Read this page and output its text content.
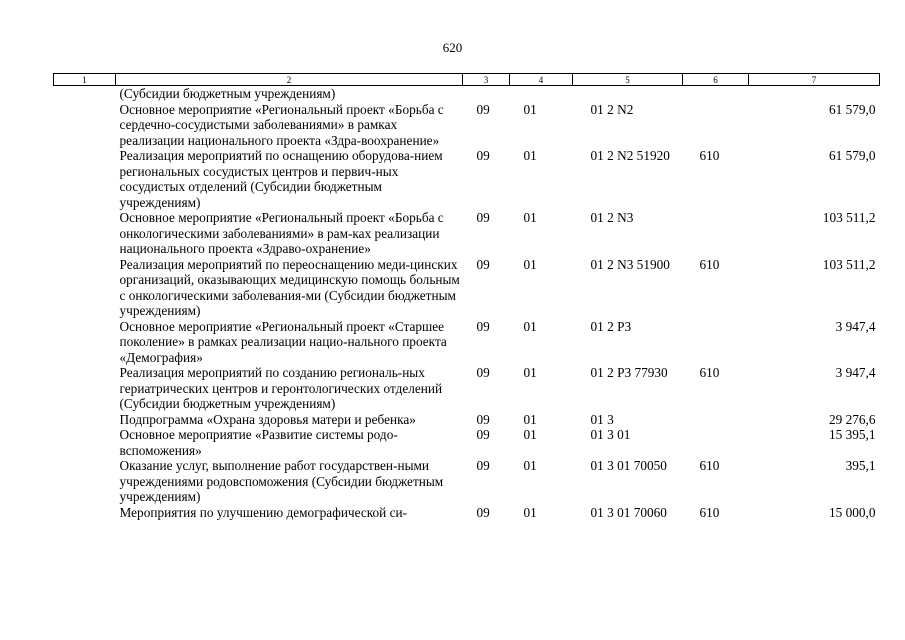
620
1	2	3	4	5	6	7
	(Субсидии бюджетным учреждениям)					
	Основное мероприятие «Региональный проект «Борьба с сердечно-сосудистыми заболеваниями» в рамках реализации национального проекта «Здра-воохранение»	09	01	01 2 N2		61 579,0
	Реализация мероприятий по оснащению оборудова-нием региональных сосудистых центров и первич-ных сосудистых отделений (Субсидии бюджетным учреждениям)	09	01	01 2 N2 51920	610	61 579,0
	Основное мероприятие «Региональный проект «Борьба с онкологическими заболеваниями» в рам-ках реализации национального проекта «Здраво-охранение»	09	01	01 2 N3		103 511,2
	Реализация мероприятий по переоснащению меди-цинских организаций, оказывающих медицинскую помощь больным с онкологическими заболевания-ми (Субсидии бюджетным учреждениям)	09	01	01 2 N3 51900	610	103 511,2
	Основное мероприятие «Региональный проект «Старшее поколение» в рамках реализации нацио-нального проекта «Демография»	09	01	01 2 P3		3 947,4
	Реализация мероприятий по созданию региональ-ных гериатрических центров и геронтологических отделений (Субсидии бюджетным учреждениям)	09	01	01 2 P3 77930	610	3 947,4
	Подпрограмма «Охрана здоровья матери и ребенка»	09	01	01 3		29 276,6
	Основное мероприятие «Развитие системы родо-вспоможения»	09	01	01 3 01		15 395,1
	Оказание услуг, выполнение работ государствен-ными учреждениями родовспоможения (Субсидии бюджетным учреждениям)	09	01	01 3 01 70050	610	395,1
	Мероприятия по улучшению демографической си-	09	01	01 3 01 70060	610	15 000,0
